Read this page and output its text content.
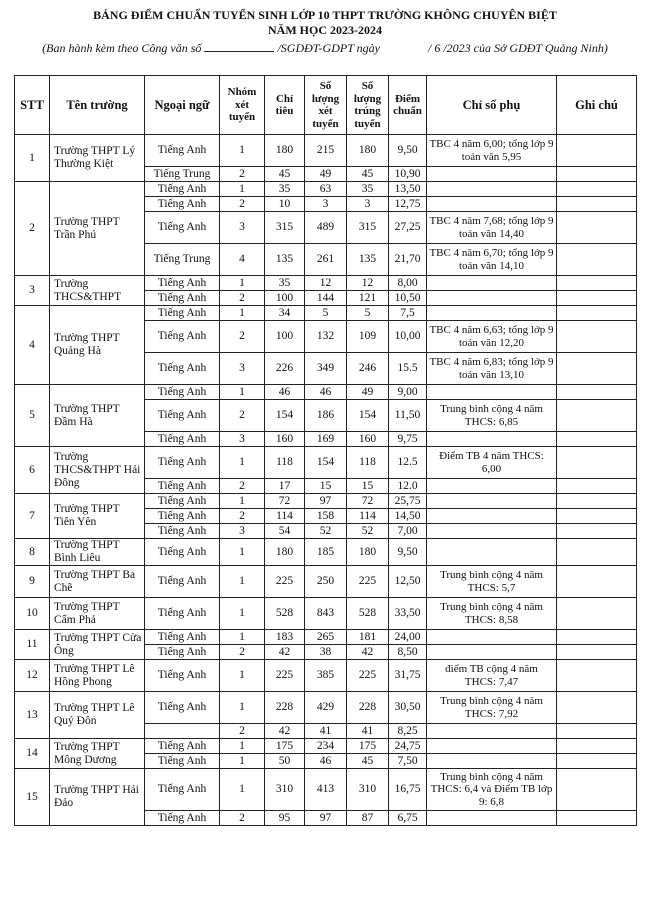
BẢNG ĐIỂM CHUẨN TUYỂN SINH LỚP 10 THPT TRƯỜNG KHÔNG CHUYÊN BIỆT
NĂM HỌC 2023-2024
(Ban hành kèm theo Công văn số	/SGDĐT-GDPT ngày	/ 6 /2023 của Sở GDĐT Quảng Ninh)
STT	Tên trường	Ngoại ngữ	Nhóm xét tuyển	Chỉ tiêu	Số lượng xét tuyển	Số lượng trúng tuyển	Điểm chuẩn	Chỉ số phụ	Ghi chú
1	Trường THPT Lý Thường Kiệt	Tiếng Anh	1	180	215	180	9,50	TBC 4 năm 6,00; tổng lớp 9 toán văn 5,95	
		Tiếng Trung	2	45	49	45	10,90		
2	Trường THPT Trần Phú	Tiếng Anh	1	35	63	35	13,50		
		Tiếng Anh	2	10	3	3	12,75		
		Tiếng Anh	3	315	489	315	27,25	TBC 4 năm 7,68; tổng lớp 9 toán văn 14,40	
		Tiếng Trung	4	135	261	135	21,70	TBC 4 năm 6,70; tổng lớp 9 toán văn 14,10	
3	Trường THCS&THPT	Tiếng Anh	1	35	12	12	8,00		
		Tiếng Anh	2	100	144	121	10,50		
4	Trường THPT Quảng Hà	Tiếng Anh	1	34	5	5	7,5		
		Tiếng Anh	2	100	132	109	10,00	TBC 4 năm 6,63; tổng lớp 9 toán văn 12,20	
		Tiếng Anh	3	226	349	246	15.5	TBC 4 năm 6,83; tổng lớp 9 toán văn 13,10	
5	Trường THPT Đầm Hà	Tiếng Anh	1	46	46	49	9,00		
		Tiếng Anh	2	154	186	154	11,50	Trung bình cộng 4 năm THCS: 6,85	
		Tiếng Anh	3	160	169	160	9,75		
6	Trường THCS&THPT Hải Đông	Tiếng Anh	1	118	154	118	12.5	Điểm TB 4 năm THCS: 6,00	
		Tiếng Anh	2	17	15	15	12.0		
7	Trường THPT Tiên Yên	Tiếng Anh	1	72	97	72	25,75		
		Tiếng Anh	2	114	158	114	14,50		
		Tiếng Anh	3	54	52	52	7,00		
8	Trường THPT Bình Liêu	Tiếng Anh	1	180	185	180	9,50		
9	Trường THPT Ba Chẽ	Tiếng Anh	1	225	250	225	12,50	Trung bình cộng 4 năm THCS: 5,7	
10	Trường THPT Cẩm Phả	Tiếng Anh	1	528	843	528	33,50	Trung bình cộng 4 năm THCS: 8,58	
11	Trường THPT Cửa Ông	Tiếng Anh	1	183	265	181	24,00		
		Tiếng Anh	2	42	38	42	8,50		
12	Trường THPT Lê Hồng Phong	Tiếng Anh	1	225	385	225	31,75	điểm TB cộng 4 năm THCS: 7,47	
13	Trường THPT Lê Quý Đôn	Tiếng Anh	1	228	429	228	30,50	Trung bình cộng 4 năm THCS: 7,92	
			2	42	41	41	8,25		
14	Trường THPT Mông Dương	Tiếng Anh	1	175	234	175	24,75		
		Tiếng Anh	1	50	46	45	7,50		
15	Trường THPT Hải Đảo	Tiếng Anh	1	310	413	310	16,75	Trung bình cộng 4 năm THCS: 6,4 và Điểm TB lớp 9: 6,8	
		Tiếng Anh	2	95	97	87	6,75		
